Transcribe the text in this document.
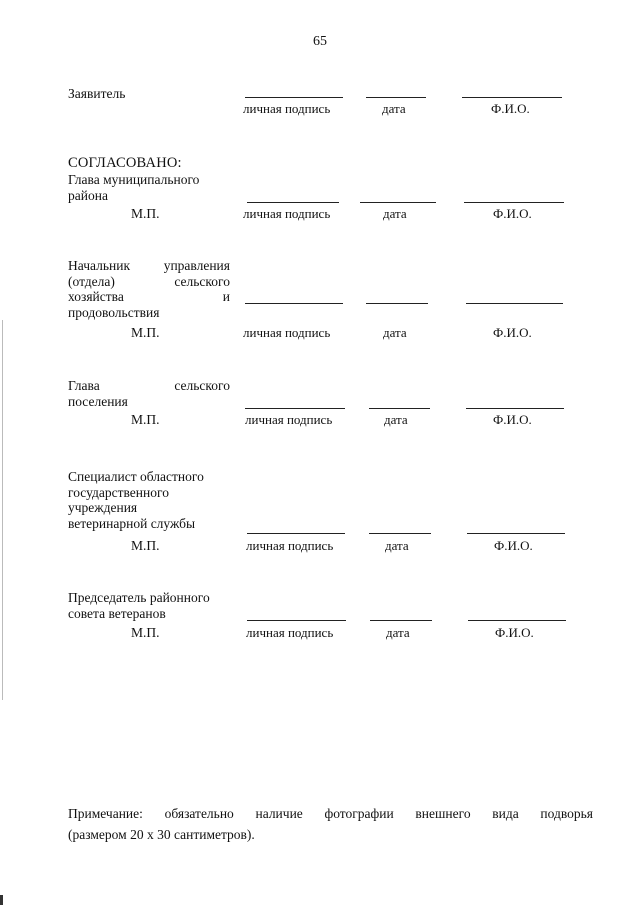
65
Заявитель
личная подпись	дата	Ф.И.О.
СОГЛАСОВАНО:
Глава муниципального
района
М.П.	личная подпись	дата	Ф.И.О.
Начальник управления
(отдела) сельского
хозяйства и
продовольствия
М.П.	личная подпись	дата	Ф.И.О.
Глава сельского
поселения
М.П.	личная подпись	дата	Ф.И.О.
Специалист областного
государственного
учреждения
ветеринарной службы
М.П.	личная подпись	дата	Ф.И.О.
Председатель районного
совета ветеранов
М.П.	личная подпись	дата	Ф.И.О.
Примечание: обязательно наличие фотографии внешнего вида подворья
(размером 20 х 30 сантиметров).
